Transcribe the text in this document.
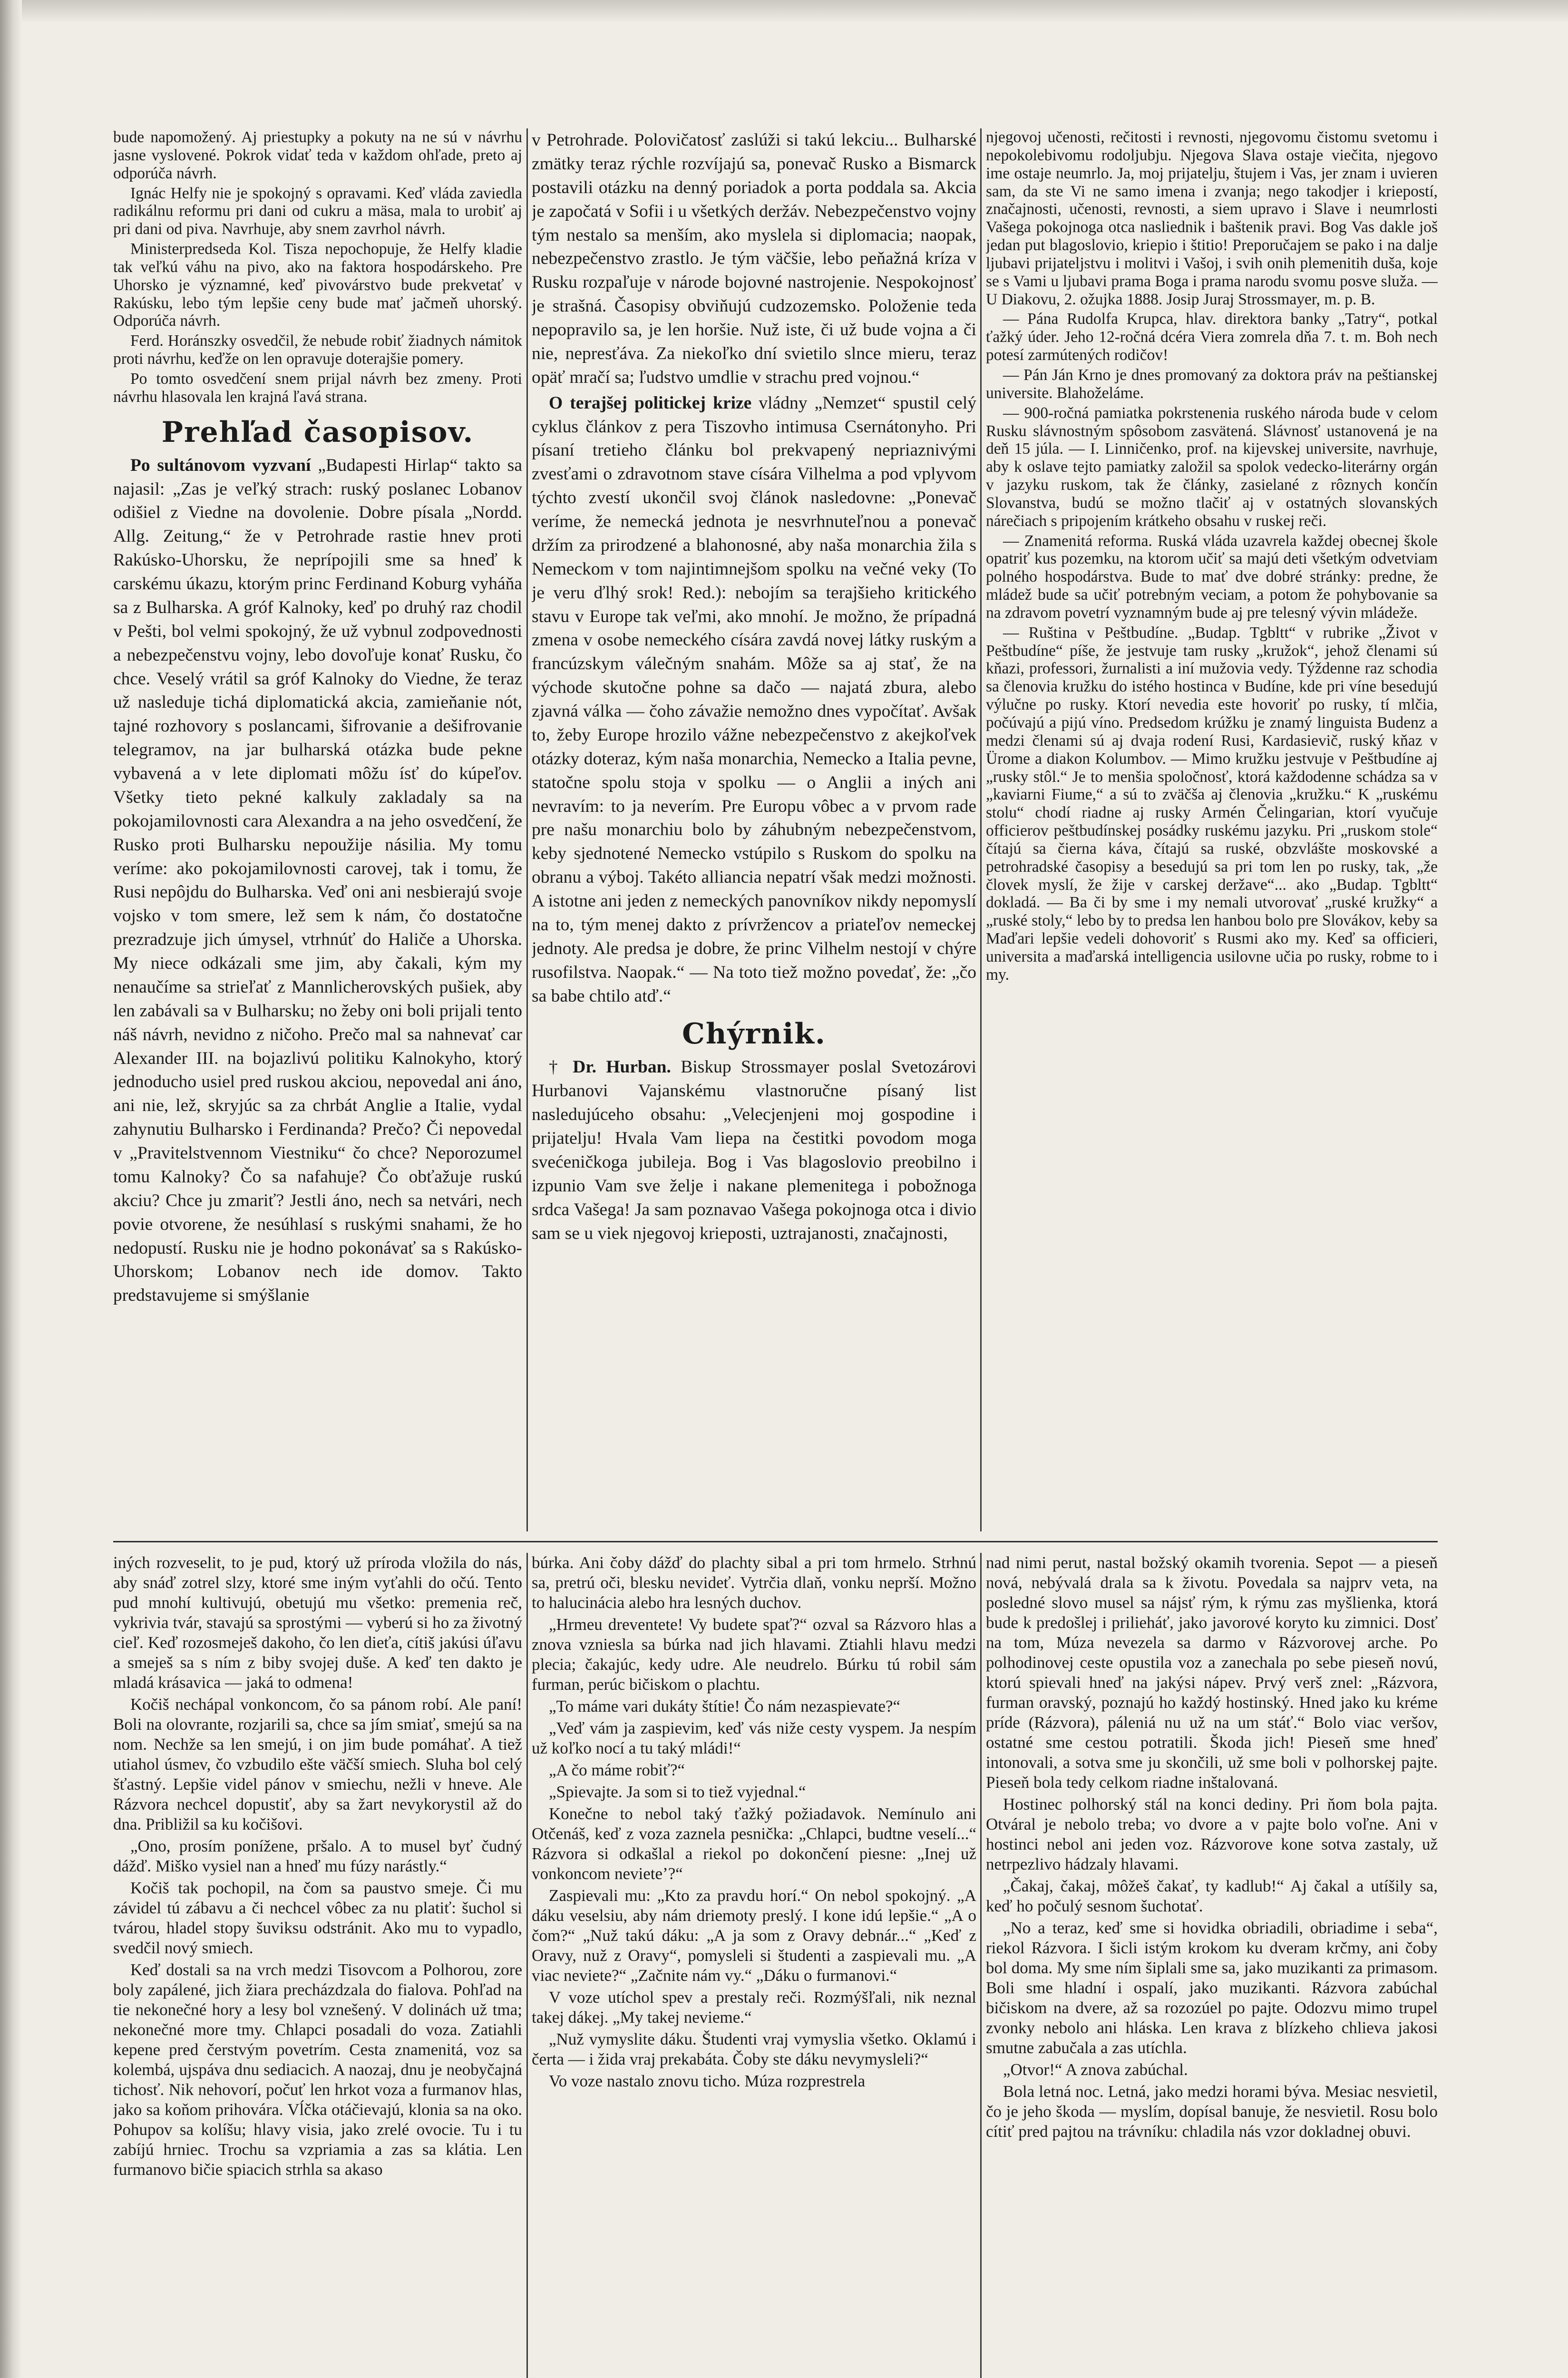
bude napomožený. Aj priestupky a pokuty na ne sú v návrhu jasne vyslovené. Pokrok vidať teda v každom ohľade, preto aj odporúča návrh.

Ignác Helfy nie je spokojný s opravami. Keď vláda zaviedla radikálnu reformu pri dani od cukru a mäsa, mala to urobiť aj pri dani od piva. Navrhuje, aby snem zavrhol návrh.

Ministerpredseda Kol. Tisza nepochopuje, že Helfy kladie tak veľkú váhu na pivo, ako na faktora hospodárskeho. Pre Uhorsko je významné, keď pivovárstvo bude prekvetať v Rakúsku, lebo tým lepšie ceny bude mať jačmeň uhorský. Odporúča návrh.

Ferd. Horánszky osvedčil, že nebude robiť žiadnych námitok proti návrhu, keďže on len opravuje doterajšie pomery.

Po tomto osvedčení snem prijal návrh bez zmeny. Proti návrhu hlasovala len krajná ľavá strana.

Prehľad časopisov.

Po sultánovom vyzvaní „Budapesti Hirlap“ takto sa najasil: „Zas je veľký strach: ruský poslanec Lobanov odišiel z Viedne na dovolenie. Dobre písala „Nordd. Allg. Zeitung,“ že v Petrohrade rastie hnev proti Rakúsko-Uhorsku, že neprípojili sme sa hneď k carskému úkazu, ktorým princ Ferdinand Koburg vyháňa sa z Bulharska. A gróf Kalnoky, keď po druhý raz chodil v Pešti, bol velmi spokojný, že už vybnul zodpovednosti a nebezpečenstvu vojny, lebo dovoľuje konať Rusku, čo chce. Veselý vrátil sa gróf Kalnoky do Viedne, že teraz už nasleduje tichá diplomatická akcia, zamieňanie nót, tajné rozhovory s poslancami, šifrovanie a dešifrovanie telegramov, na jar bulharská otázka bude pekne vybavená a v lete diplomati môžu ísť do kúpeľov. Všetky tieto pekné kalkuly zakladaly sa na pokojamilovnosti cara Alexandra a na jeho osvedčení, že Rusko proti Bulharsku nepoužije násilia. My tomu veríme: ako pokojamilovnosti carovej, tak i tomu, že Rusi nepôjdu do Bulharska. Veď oni ani nesbierajú svoje vojsko v tom smere, lež sem k nám, čo dostatočne prezradzuje jich úmysel, vtrhnúť do Haliče a Uhorska. My niece odkázali sme jim, aby čakali, kým my nenaučíme sa strieľať z Mannlicherovských pušiek, aby len zabávali sa v Bulharsku; no žeby oni boli prijali tento náš návrh, nevidno z ničoho. Prečo mal sa nahnevať car Alexander III. na bojazlivú politiku Kalnokyho, ktorý jednoducho usiel pred ruskou akciou, nepovedal ani áno, ani nie, lež, skryjúc sa za chrbát Anglie a Italie, vydal zahynutiu Bulharsko i Ferdinanda? Prečo? Či nepovedal v „Pravitelstvennom Viestniku“ čo chce? Neporozumel tomu Kalnoky? Čo sa nafahuje? Čo obťažuje ruskú akciu? Chce ju zmariť? Jestli áno, nech sa netvári, nech povie otvorene, že nesúhlasí s ruskými snahami, že ho nedopustí. Rusku nie je hodno pokonávať sa s Rakúsko-Uhorskom; Lobanov nech ide domov. Takto predstavujeme si smýšlanie

v Petrohrade. Polovičatosť zaslúži si takú lekciu... Bulharské zmätky teraz rýchle rozvíjajú sa, ponevač Rusko a Bismarck postavili otázku na denný poriadok a porta poddala sa. Akcia je započatá v Sofii i u všetkých deržáv. Nebezpečenstvo vojny tým nestalo sa menším, ako myslela si diplomacia; naopak, nebezpečenstvo zrastlo. Je tým väčšie, lebo peňažná kríza v Rusku rozpaľuje v národe bojovné nastrojenie. Nespokojnosť je strašná. Časopisy obviňujú cudzozemsko. Položenie teda nepopravilo sa, je len horšie. Nuž iste, či už bude vojna a či nie, nepresťáva. Za niekoľko dní svietilo slnce mieru, teraz opäť mračí sa; ľudstvo umdlie v strachu pred vojnou.“

O terajšej politickej krize vládny „Nemzet“ spustil celý cyklus článkov z pera Tiszovho intimusa Csernátonyho. Pri písaní tretieho článku bol prekvapený nepriaznivými zvesťami o zdravotnom stave císára Vilhelma a pod vplyvom týchto zvestí ukončil svoj článok nasledovne: „Ponevač veríme, že nemecká jednota je nesvrhnuteľnou a ponevač držím za prirodzené a blahonosné, aby naša monarchia žila s Nemeckom v tom najintimnejšom spolku na večné veky (To je veru ďlhý srok! Red.): nebojím sa terajšieho kritického stavu v Europe tak veľmi, ako mnohí. Je možno, že prípadná zmena v osobe nemeckého císára zavdá novej látky ruským a francúzskym válečným snahám. Môže sa aj stať, že na východe skutočne pohne sa dačo — najatá zbura, alebo zjavná válka — čoho závažie nemožno dnes vypočítať. Avšak to, žeby Europe hrozilo vážne nebezpečenstvo z akejkoľvek otázky doteraz, kým naša monarchia, Nemecko a Italia pevne, statočne spolu stoja v spolku — o Anglii a iných ani nevravím: to ja neverím. Pre Europu vôbec a v prvom rade pre našu monarchiu bolo by záhubným nebezpečenstvom, keby sjednotené Nemecko vstúpilo s Ruskom do spolku na obranu a výboj. Takéto alliancia nepatrí však medzi možnosti. A istotne ani jeden z nemeckých panovníkov nikdy nepomyslí na to, tým menej dakto z prívržencov a priateľov nemeckej jednoty. Ale predsa je dobre, že princ Vilhelm nestojí v chýre rusofilstva. Naopak.“ — Na toto tiež možno povedať, že: „čo sa babe chtilo atď.“

Chýrnik.

† Dr. Hurban. Biskup Strossmayer poslal Svetozárovi Hurbanovi Vajanskému vlastnoručne písaný list nasledujúceho obsahu: „Velecjenjeni moj gospodine i prijatelju! Hvala Vam liepa na čestitki povodom moga svećeničkoga jubileja. Bog i Vas blagoslovio preobilno i izpunio Vam sve želje i nakane plemenitega i pobožnoga srdca Vašega! Ja sam poznavao Vašega pokojnoga otca i divio sam se u viek njegovoj krieposti, uztrajanosti, značajnosti,

njegovoj učenosti, rečitosti i revnosti, njegovomu čistomu svetomu i nepokolebivomu rodoljubju. Njegova Slava ostaje viečita, njegovo ime ostaje neumrlo. Ja, moj prijatelju, štujem i Vas, jer znam i uvieren sam, da ste Vi ne samo imena i zvanja; nego takodjer i kriepostí, značajnosti, učenosti, revnosti, a siem upravo i Slave i neumrlosti Vašega pokojnoga otca nasliednik i baštenik pravi. Bog Vas dakle još jedan put blagoslovio, kriepio i štitio! Preporučajem se pako i na dalje ljubavi prijateljstvu i molitvi i Vašoj, i svih onih plemenitih duša, koje se s Vami u ljubavi prama Boga i prama narodu svomu posve služa. — U Diakovu, 2. ožujka 1888. Josip Juraj Strossmayer, m. p. B.

— Pána Rudolfa Krupca, hlav. direktora banky „Tatry“, potkal ťažký úder. Jeho 12-ročná dcéra Viera zomrela dňa 7. t. m. Boh nech potesí zarmútených rodičov!

— Pán Ján Krno je dnes promovaný za doktora práv na peštianskej universite. Blahoželáme.

— 900-ročná pamiatka pokrstenenia ruského národa bude v celom Rusku slávnostným spôsobom zasvätená. Slávnosť ustanovená je na deň 15 júla. — I. Linničenko, prof. na kijevskej universite, navrhuje, aby k oslave tejto pamiatky založil sa spolok vedecko-literárny orgán v jazyku ruskom, tak že články, zasielané z rôznych končín Slovanstva, budú se možno tlačiť aj v ostatných slovanských nárečiach s pripojením krátkeho obsahu v ruskej reči.

— Znamenitá reforma. Ruská vláda uzavrela každej obecnej škole opatriť kus pozemku, na ktorom učiť sa majú deti všetkým odvetviam polného hospodárstva. Bude to mať dve dobré stránky: predne, že mládež bude sa učiť potrebným veciam, a potom že pohybovanie sa na zdravom povetrí vyznamným bude aj pre telesný vývin mládeže.

— Ruština v Peštbudíne. „Budap. Tgbltt“ v rubrike „Život v Peštbudíne“ píše, že jestvuje tam rusky „kružok“, jehož členami sú kňazi, professori, žurnalisti a iní mužovia vedy. Týždenne raz schodia sa členovia kružku do istého hostinca v Budíne, kde pri víne besedujú výlučne po rusky. Ktorí nevedia este hovoriť po rusky, tí mlčia, počúvajú a pijú víno. Predsedom krúžku je znamý linguista Budenz a medzi členami sú aj dvaja rodení Rusi, Kardasievič, ruský kňaz v Ürome a diakon Kolumbov. — Mimo kružku jestvuje v Peštbudíne aj „rusky stôl.“ Je to menšia spoločnosť, ktorá každodenne schádza sa v „kaviarni Fiume,“ a sú to zväčša aj členovia „kružku.“ K „ruskému stolu“ chodí riadne aj rusky Armén Čelingarian, ktorí vyučuje officierov peštbudínskej posádky ruskému jazyku. Pri „ruskom stole“ čítajú sa čierna káva, čítajú sa ruské, obzvlášte moskovské a petrohradské časopisy a besedujú sa pri tom len po rusky, tak, „že človek myslí, že žije v carskej deržave“... ako „Budap. Tgbltt“ dokladá. — Ba či by sme i my nemali utvorovať „ruské kružky“ a „ruské stoly,“ lebo by to predsa len hanbou bolo pre Slovákov, keby sa Maďari lepšie vedeli dohovoriť s Rusmi ako my. Keď sa officieri, universita a maďarská intelligencia usilovne učia po rusky, robme to i my.

iných rozveselit, to je pud, ktorý už príroda vložila do nás, aby snáď zotrel slzy, ktoré sme iným vyťahli do očú. Tento pud mnohí kultivujú, obetujú mu všetko: premenia reč, vykrivia tvár, stavajú sa sprostými — vyberú si ho za životný cieľ. Keď rozosmeješ dakoho, čo len dieťa, cítiš jakúsi úľavu a smeješ sa s ním z biby svojej duše. A keď ten dakto je mladá krásavica — jaká to odmena!

Kočiš nechápal vonkoncom, čo sa pánom robí. Ale paní! Boli na olovrante, rozjarili sa, chce sa jím smiať, smejú sa na nom. Nechže sa len smejú, i on jim bude pomáhať. A tiež utiahol úsmev, čo vzbudilo ešte väčší smiech. Sluha bol celý šťastný. Lepšie videl pánov v smiechu, nežli v hneve. Ale Rázvora nechcel dopustiť, aby sa žart nevykorystil až do dna. Približil sa ku kočišovi.

„Ono, prosím ponížene, pršalo. A to musel byť čudný dážď. Miško vysiel nan a hneď mu fúzy narástly.“

Kočiš tak pochopil, na čom sa paustvo smeje. Či mu závidel tú zábavu a či nechcel vôbec za nu platiť: šuchol si tvárou, hladel stopy šuviksu odstránit. Ako mu to vypadlo, svedčil nový smiech.

Keď dostali sa na vrch medzi Tisovcom a Polhorou, zore boly zapálené, jich žiara precházdzala do fialova. Pohľad na tie nekonečné hory a lesy bol vznešený. V dolinách už tma; nekonečné more tmy. Chlapci posadali do voza. Zatiahli kepene pred čerstvým povetrím. Cesta znamenitá, voz sa kolembá, ujspáva dnu sediacich. A naozaj, dnu je neobyčajná tichosť. Nik nehovorí, počuť len hrkot voza a furmanov hlas, jako sa koňom prihovára. Vĺčka otáčievajú, klonia sa na oko. Pohupov sa kolíšu; hlavy visia, jako zrelé ovocie. Tu i tu zabíjú hrniec. Trochu sa vzpriamia a zas sa klátia. Len furmanovo bičie spiacich strhla sa akaso

búrka. Ani čoby dážď do plachty sibal a pri tom hrmelo. Strhnú sa, pretrú oči, blesku nevideť. Vytrčia dlaň, vonku neprší. Možno to halucinácia alebo hra lesných duchov.

„Hrmeu dreventete! Vy budete spať?“ ozval sa Rázvoro hlas a znova vzniesla sa búrka nad jich hlavami. Ztiahli hlavu medzi plecia; čakajúc, kedy udre. Ale neudrelo. Búrku tú robil sám furman, perúc bičiskom o plachtu.

„To máme vari dukáty štítie! Čo nám nezaspievate?“

„Veď vám ja zaspievim, keď vás niže cesty vyspem. Ja nespím už koľko nocí a tu taký mládi!“

„A čo máme robiť?“

„Spievajte. Ja som si to tiež vyjednal.“

Konečne to nebol taký ťažký požiadavok. Nemínulo ani Otčenáš, keď z voza zaznela pesnička: „Chlapci, budtne veselí...“ Rázvora si odkašlal a riekol po dokončení piesne: „Inej už vonkoncom nevieteʼ?“

Zaspievali mu: „Kto za pravdu horí.“ On nebol spokojný. „A dáku veselsiu, aby nám driemoty preslý. I kone idú lepšie.“ „A o čom?“ „Nuž takú dáku: „A ja som z Oravy debnár...“ „Keď z Oravy, nuž z Oravy“, pomysleli si študenti a zaspievali mu. „A viac neviete?“ „Začnite nám vy.“ „Dáku o furmanovi.“

V voze utíchol spev a prestaly reči. Rozmýšľali, nik neznal takej dákej. „My takej nevieme.“

„Nuž vymyslite dáku. Študenti vraj vymyslia všetko. Oklamú i čerta — i žida vraj prekabáta. Čoby ste dáku nevymysleli?“

Vo voze nastalo znovu ticho. Múza rozprestrela

nad nimi perut, nastal božský okamih tvorenia. Sepot — a pieseň nová, nebývalá drala sa k životu. Povedala sa najprv veta, na posledné slovo musel sa nájsť rým, k rýmu zas myšlienka, ktorá bude k predošlej i prilieháť, jako javorové koryto ku zimnici. Dosť na tom, Múza nevezela sa darmo v Rázvorovej arche. Po polhodinovej ceste opustila voz a zanechala po sebe pieseň novú, ktorú spievali hneď na jakýsi nápev. Prvý verš znel: „Rázvora, furman oravský, poznajú ho každý hostinský. Hned jako ku kréme príde (Rázvora), páleniá nu už na um stáť.“ Bolo viac veršov, ostatné sme cestou potratili. Škoda jich! Pieseň sme hneď intonovali, a sotva sme ju skončili, už sme boli v polhorskej pajte. Pieseň bola tedy celkom riadne inštalovaná.

Hostinec polhorský stál na konci dediny. Pri ňom bola pajta. Otváral je nebolo treba; vo dvore a v pajte bolo voľne. Ani v hostinci nebol ani jeden voz. Rázvorove kone sotva zastaly, už netrpezlivo hádzaly hlavami.

„Čakaj, čakaj, môžeš čakať, ty kadlub!“ Aj čakal a utíšily sa, keď ho počulý sesnom šuchotať.

„No a teraz, keď sme si hovidka obriadili, obriadime i seba“, riekol Rázvora. I šicli istým krokom ku dveram krčmy, ani čoby bol doma. My sme ním šiplali sme sa, jako muzikanti za primasom. Boli sme hladní i ospalí, jako muzikanti. Rázvora zabúchal bičiskom na dvere, až sa rozozúel po pajte. Odozvu mimo trupel zvonky nebolo ani hláska. Len krava z blízkeho chlieva jakosi smutne zabučala a zas utíchla.

„Otvor!“ A znova zabúchal.

Bola letná noc. Letná, jako medzi horami býva. Mesiac nesvietil, čo je jeho škoda — myslím, dopísal banuje, že nesvietil. Rosu bolo cítiť pred pajtou na trávníku: chladila nás vzor dokladnej obuvi.
